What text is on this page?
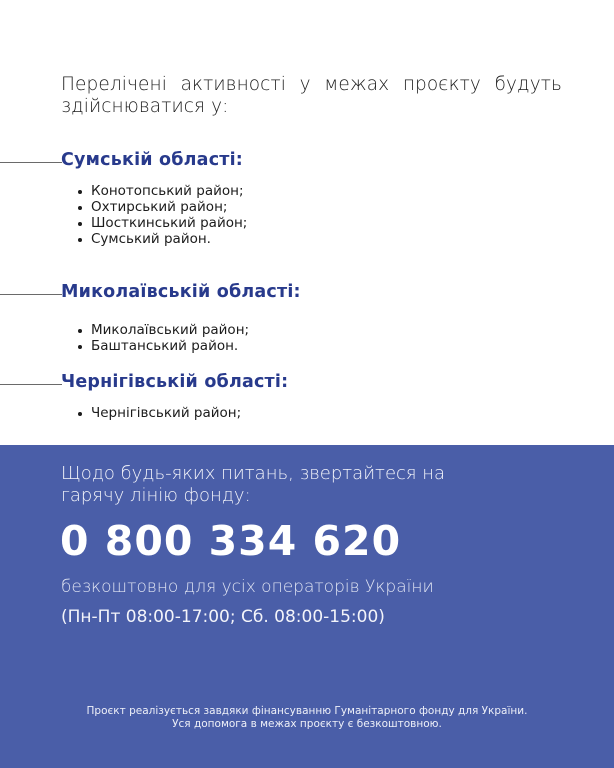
Перелічені активності у межах проєкту будуть здійснюватися у:

Сумській області:
Конотопський район;
Охтирський район;
Шосткинський район;
Сумський район.
Миколаївській області:
Миколаївський район;
Баштанський район.
Чернігівській області:
Чернігівський район;

Щодо будь-яких питань, звертайтеся на гарячу лінію фонду:

0 800 334 620
безкоштовно для усіх операторів України
(Пн-Пт 08:00-17:00; Сб. 08:00-15:00)
Проєкт реалізується завдяки фінансуванню Гуманітарного фонду для України.
Уся допомога в межах проєкту є безкоштовною.
